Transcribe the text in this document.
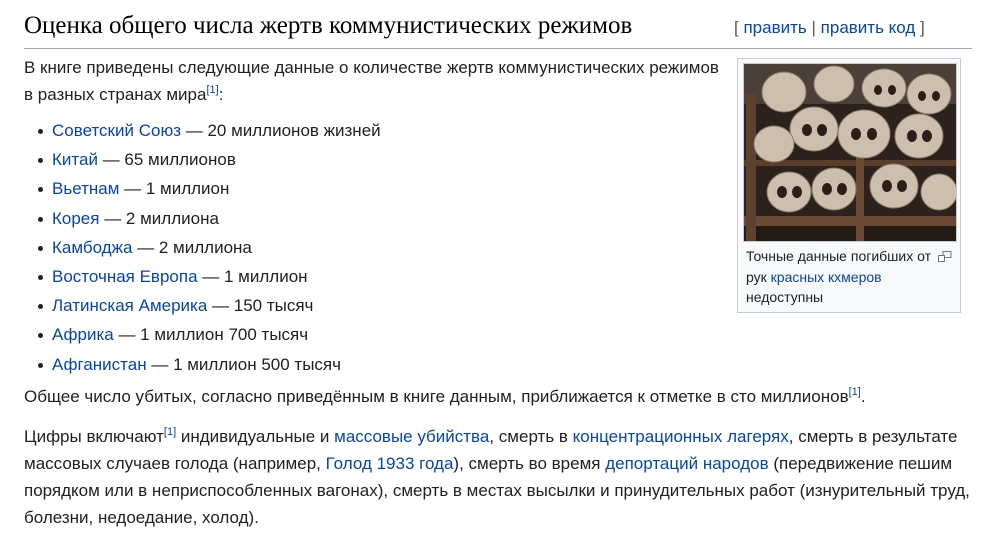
Оценка общего числа жертв коммунистических режимов	[ править | править код ]

В книге приведены следующие данные о количестве жертв коммунистических режимов в разных странах мира[1]:

Советский Союз — 20 миллионов жизней
Китай — 65 миллионов
Вьетнам — 1 миллион
Корея — 2 миллиона
Камбоджа — 2 миллиона
Восточная Европа — 1 миллион
Латинская Америка — 150 тысяч
Африка — 1 миллион 700 тысяч
Афганистан — 1 миллион 500 тысяч

Общее число убитых, согласно приведённым в книге данным, приближается к отметке в сто миллионов[1].

Цифры включают[1] индивидуальные и массовые убийства, смерть в концентрационных лагерях, смерть в результате массовых случаев голода (например, Голод 1933 года), смерть во время депортаций народов (передвижение пешим порядком или в неприспособленных вагонах), смерть в местах высылки и принудительных работ (изнурительный труд, болезни, недоедание, холод).

Точные данные погибших от рук красных кхмеров недоступны
